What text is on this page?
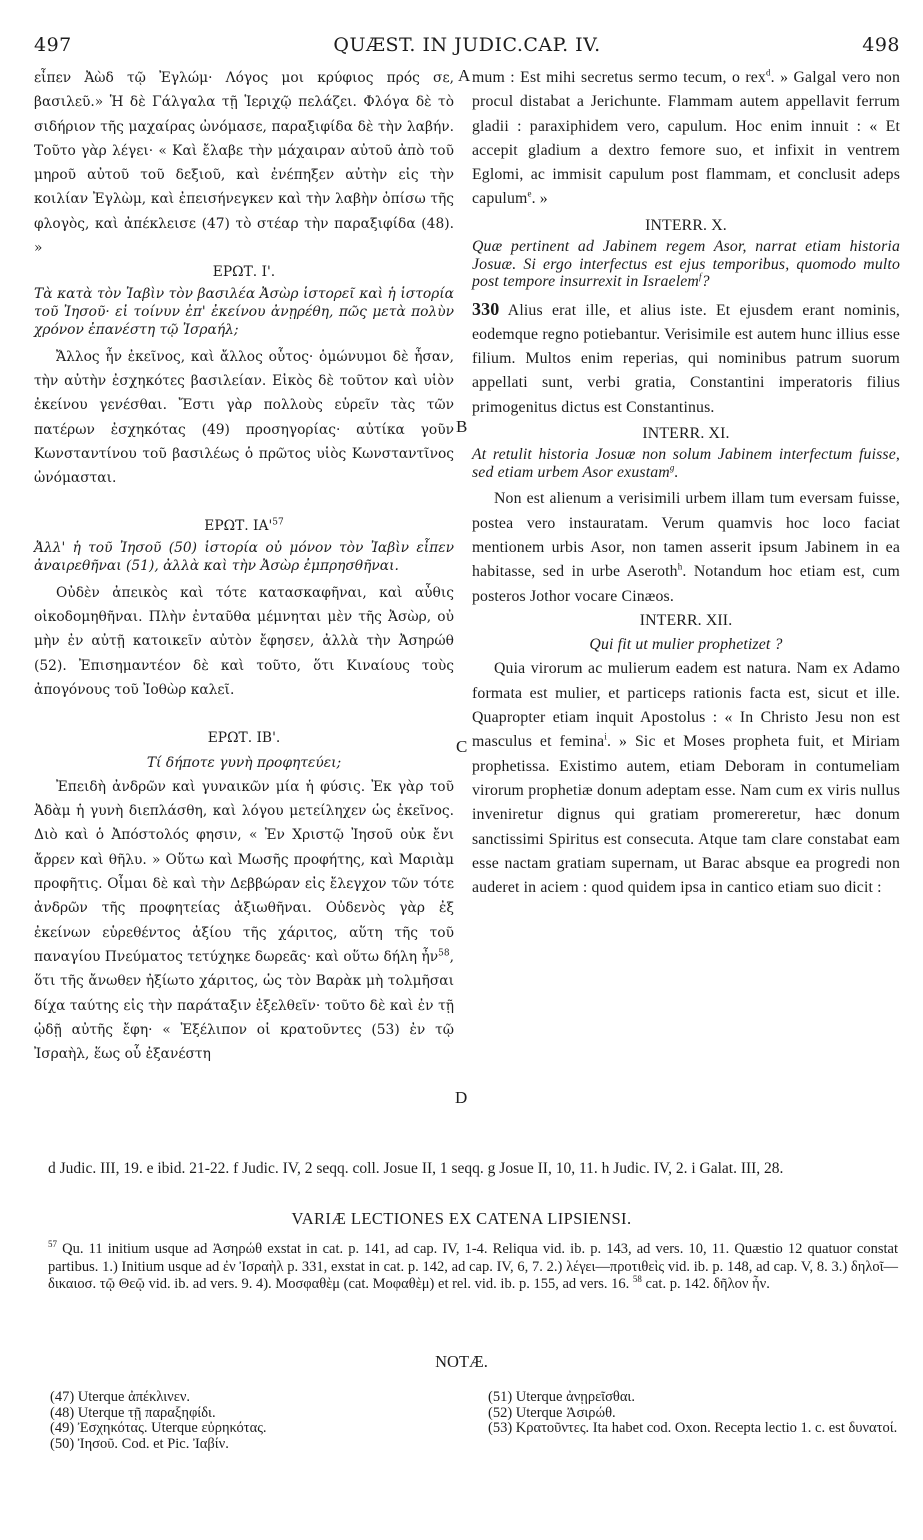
497	QUÆST. IN JUDIC.CAP. IV.	498

εἶπεν Ἀὼδ τῷ Ἐγλώμ· Λόγος μοι κρύφιος πρός σε, βασιλεῦ.» Ἡ δὲ Γάλγαλα τῇ Ἱεριχῷ πελάζει. Φλόγα δὲ τὸ σιδήριον τῆς μαχαίρας ὠνόμασε, παραξιφίδα δὲ τὴν λαβήν. Τοῦτο γὰρ λέγει· « Καὶ ἔλαβε τὴν μάχαιραν αὐτοῦ ἀπὸ τοῦ μηροῦ αὐτοῦ τοῦ δεξιοῦ, καὶ ἐνέπηξεν αὐτὴν εἰς τὴν κοιλίαν Ἐγλὼμ, καὶ ἐπεισήνεγκεν καὶ τὴν λαβὴν ὀπίσω τῆς φλογὸς, καὶ ἀπέκλεισε (47) τὸ στέαρ τὴν παραξιφίδα (48). »

ΕΡΩΤ. Ι'.

Τὰ κατὰ τὸν Ἰαβὶν τὸν βασιλέα Ἀσὼρ ἱστορεῖ καὶ ἡ ἱστορία τοῦ Ἰησοῦ· εἰ τοίνυν ἐπ' ἐκείνου ἀνῃρέθη, πῶς μετὰ πολὺν χρόνον ἐπανέστη τῷ Ἰσραήλ;

Ἄλλος ἦν ἐκεῖνος, καὶ ἄλλος οὗτος· ὁμώνυμοι δὲ ἦσαν, τὴν αὐτὴν ἐσχηκότες βασιλείαν. Εἰκὸς δὲ τοῦτον καὶ υἱὸν ἐκείνου γενέσθαι. Ἔστι γὰρ πολλοὺς εὑρεῖν τὰς τῶν πατέρων ἐσχηκότας (49) προσηγορίας· αὐτίκα γοῦν Κωνσταντίνου τοῦ βασιλέως ὁ πρῶτος υἱὸς Κωνσταντῖνος ὠνόμασται.

ΕΡΩΤ. $IA'^{57}$

Ἀλλ' ἡ τοῦ Ἰησοῦ (50) ἱστορία οὐ μόνον τὸν Ἰαβὶν εἶπεν ἀναιρεθῆναι (51), ἀλλὰ καὶ τὴν Ἀσὼρ ἐμπρησθῆναι.

Οὐδὲν ἀπεικὸς καὶ τότε κατασκαφῆναι, καὶ αὖθις οἰκοδομηθῆναι. Πλὴν ἐνταῦθα μέμνηται μὲν τῆς Ἀσὼρ, οὐ μὴν ἐν αὐτῇ κατοικεῖν αὐτὸν ἔφησεν, ἀλλὰ τὴν Ἀσηρώθ (52). Ἐπισημαντέον δὲ καὶ τοῦτο, ὅτι Κιναίους τοὺς ἀπογόνους τοῦ Ἰοθὼρ καλεῖ.

ΕΡΩΤ. ΙΒ'.

Τί δήποτε γυνὴ προφητεύει;

Ἐπειδὴ ἀνδρῶν καὶ γυναικῶν μία ἡ φύσις. Ἐκ γὰρ τοῦ Ἀδὰμ ἡ γυνὴ διεπλάσθη, καὶ λόγου μετείληχεν ὡς ἐκεῖνος. Διὸ καὶ ὁ Ἀπόστολός φησιν, « Ἐν Χριστῷ Ἰησοῦ οὐκ ἔνι ἄρρεν καὶ θῆλυ. » Οὕτω καὶ Μωσῆς προφήτης, καὶ Μαριὰμ προφῆτις. Οἶμαι δὲ καὶ τὴν Δεββώραν εἰς ἔλεγχον τῶν τότε ἀνδρῶν τῆς προφητείας ἀξιωθῆναι. Οὐδενὸς γὰρ ἐξ ἐκείνων εὑρεθέντος ἀξίου τῆς χάριτος, αὕτη τῆς τοῦ παναγίου Πνεύματος τετύχηκε δωρεᾶς· καὶ οὕτω δήλη ἦν$^{58}$, ὅτι τῆς ἄνωθεν ἠξίωτο χάριτος, ὡς τὸν Βαρὰκ μὴ τολμῆσαι δίχα ταύτης εἰς τὴν παράταξιν ἐξελθεῖν· τοῦτο δὲ καὶ ἐν τῇ ᾠδῇ αὐτῆς ἔφη· « Ἐξέλιπον οἱ κρατοῦντες (53) ἐν τῷ Ἰσραὴλ, ἕως οὗ ἐξανέστη

A
B
C
D

mum : Est mihi secretus sermo tecum, o rex$^d$. » Galgal vero non procul distabat a Jerichunte. Flammam autem appellavit ferrum gladii : paraxiphidem vero, capulum. Hoc enim innuit : « Et accepit gladium a dextro femore suo, et infixit in ventrem Eglomi, ac immisit capulum post flammam, et conclusit adeps capulum$^e$. »

INTERR. X.

Quæ pertinent ad Jabinem regem Asor, narrat etiam historia Josuæ. Si ergo interfectus est ejus temporibus, quomodo multo post tempore insurrexit in Israelem$^f$?

330 Alius erat ille, et alius iste. Et ejusdem erant nominis, eodemque regno potiebantur. Verisimile est autem hunc illius esse filium. Multos enim reperias, qui nominibus patrum suorum appellati sunt, verbi gratia, Constantini imperatoris filius primogenitus dictus est Constantinus.

INTERR. XI.

At retulit historia Josuæ non solum Jabinem interfectum fuisse, sed etiam urbem Asor exustam$^g$.

Non est alienum a verisimili urbem illam tum eversam fuisse, postea vero instauratam. Verum quamvis hoc loco faciat mentionem urbis Asor, non tamen asserit ipsum Jabinem in ea habitasse, sed in urbe Aseroth$^h$. Notandum hoc etiam est, cum posteros Jothor vocare Cinæos.

INTERR. XII.

Qui fit ut mulier prophetizet ?

Quia virorum ac mulierum eadem est natura. Nam ex Adamo formata est mulier, et particeps rationis facta est, sicut et ille. Quapropter etiam inquit Apostolus : « In Christo Jesu non est masculus et femina$^i$. » Sic et Moses propheta fuit, et Miriam prophetissa. Existimo autem, etiam Deboram in contumeliam virorum prophetiæ donum adeptam esse. Nam cum ex viris nullus inveniretur dignus qui gratiam promereretur, hæc donum sanctissimi Spiritus est consecuta. Atque tam clare constabat eam esse nactam gratiam supernam, ut Barac absque ea progredi non auderet in aciem : quod quidem ipsa in cantico etiam suo dicit :

d Judic. III, 19. e ibid. 21-22. f Judic. IV, 2 seqq. coll. Josue II, 1 seqq. g Josue II, 10, 11. h Judic. IV, 2. i Galat. III, 28.
VARIÆ LECTIONES EX CATENA LIPSIENSI.
$^{57}$ Qu. 11 initium usque ad Ἀσηρώθ exstat in cat. p. 141, ad cap. IV, 1-4. Reliqua vid. ib. p. 143, ad vers. 10, 11. Quæstio 12 quatuor constat partibus. 1.) Initium usque ad ἐν Ἰσραὴλ p. 331, exstat in cat. p. 142, ad cap. IV, 6, 7. 2.) λέγει—προτιθεὶς vid. ib. p. 148, ad cap. V, 8. 3.) δηλοῖ—δικαιοσ. τῷ Θεῷ vid. ib. ad vers. 9. 4). Μοσφαθὲμ (cat. Μοφαθὲμ) et rel. vid. ib. p. 155, ad vers. 16. $^{58}$ cat. p. 142. δῆλον ἦν.
NOTÆ.
(47) Uterque ἀπέκλινεν.
(48) Uterque τῇ παραξηφίδι.
(49) Ἐσχηκότας. Uterque εὐρηκότας.
(50) Ἰησοῦ. Cod. et Pic. Ἰαβίν.
(51) Uterque ἀνῃρεῖσθαι.
(52) Uterque Ἀσιρώθ.
(53) Κρατοῦντες. Ita habet cod. Oxon. Recepta lectio 1. c. est δυνατοί.
